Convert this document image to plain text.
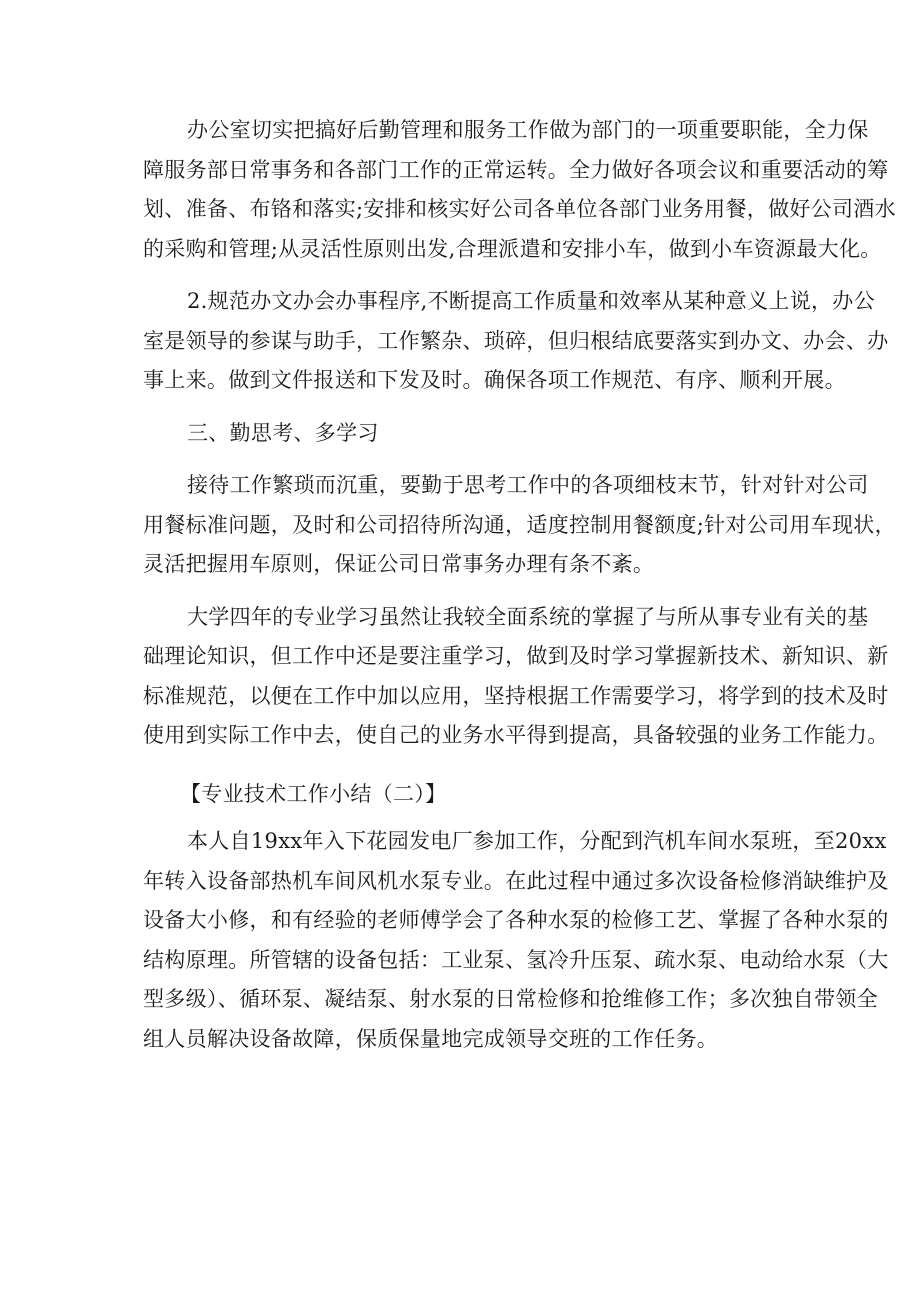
办公室切实把搞好后勤管理和服务工作做为部门的一项重要职能，全力保
障服务部日常事务和各部门工作的正常运转。全力做好各项会议和重要活动的筹
划、准备、布铬和落实;安排和核实好公司各单位各部门业务用餐，做好公司酒水
的采购和管理;从灵活性原则出发,合理派遣和安排小车，做到小车资源最大化。
2.规范办文办会办事程序,不断提高工作质量和效率从某种意义上说，办公
室是领导的参谋与助手，工作繁杂、琐碎，但归根结底要落实到办文、办会、办
事上来。做到文件报送和下发及时。确保各项工作规范、有序、顺利开展。
三、勤思考、多学习
接待工作繁琐而沉重，要勤于思考工作中的各项细枝末节，针对针对公司
用餐标准问题，及时和公司招待所沟通，适度控制用餐额度;针对公司用车现状，
灵活把握用车原则，保证公司日常事务办理有条不紊。
大学四年的专业学习虽然让我较全面系统的掌握了与所从事专业有关的基
础理论知识，但工作中还是要注重学习，做到及时学习掌握新技术、新知识、新
标准规范，以便在工作中加以应用，坚持根据工作需要学习，将学到的技术及时
使用到实际工作中去，使自己的业务水平得到提高，具备较强的业务工作能力。
【专业技术工作小结（二）】
本人自19xx年入下花园发电厂参加工作，分配到汽机车间水泵班，至20xx
年转入设备部热机车间风机水泵专业。在此过程中通过多次设备检修消缺维护及
设备大小修，和有经验的老师傅学会了各种水泵的检修工艺、掌握了各种水泵的
结构原理。所管辖的设备包括：工业泵、氢冷升压泵、疏水泵、电动给水泵（大
型多级）、循环泵、凝结泵、射水泵的日常检修和抢维修工作；多次独自带领全
组人员解决设备故障，保质保量地完成领导交班的工作任务。
